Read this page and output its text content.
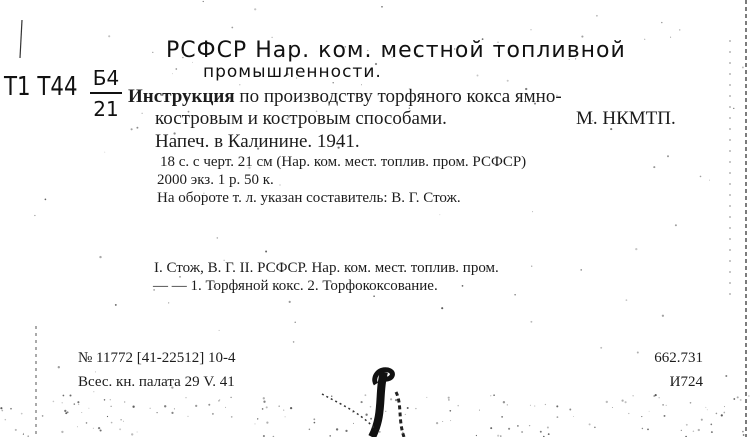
РСФСР Нар. ком. местной топливной
промышленности.
Т1 Т44 Б4
21
Инструкция по производству торфяного кокса ямно-
костровым и костровым способами.	М. НКМТП.
Напеч. в Калинине. 1941.
18 с. с черт. 21 см (Нар. ком. мест. топлив. пром. РСФСР)
2000 экз. 1 р. 50 к.
На обороте т. л. указан составитель: В. Г. Стож.
I. Стож, В. Г. II. РСФСР. Нар. ком. мест. топлив. пром.
— — 1. Торфяной кокс. 2. Торфококсование.
№ 11772 [41-22512] 10-4
Всес. кн. палата 29 V. 41
662.731
И724
